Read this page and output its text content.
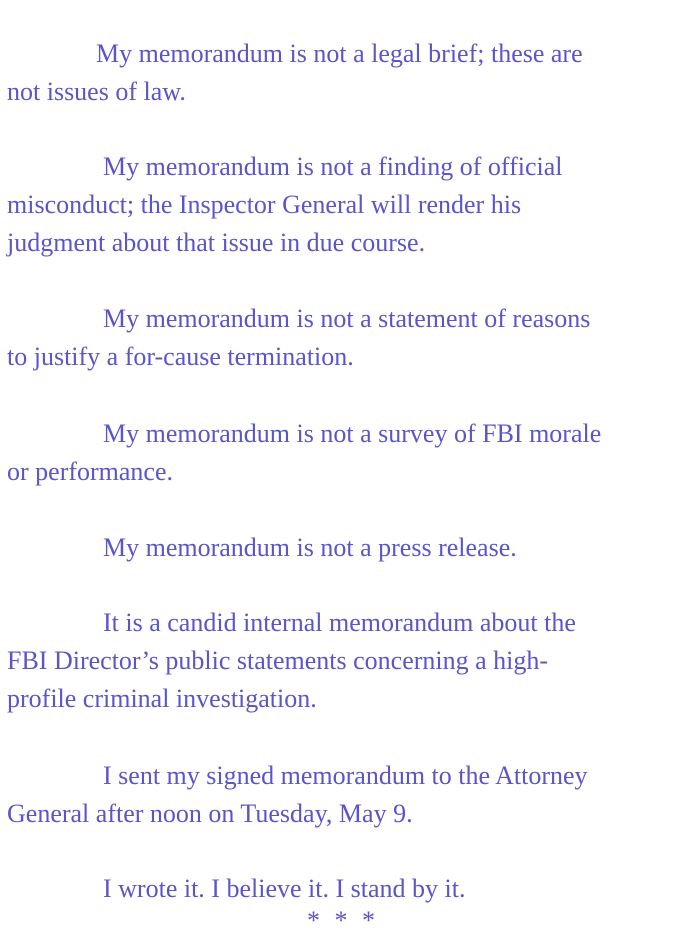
My memorandum is not a legal brief; these are

not issues of law.

My memorandum is not a finding of official

misconduct; the Inspector General will render his

judgment about that issue in due course.

My memorandum is not a statement of reasons

to justify a for-cause termination.

My memorandum is not a survey of FBI morale

or performance.

My memorandum is not a press release.

It is a candid internal memorandum about the

FBI Director’s public statements concerning a high-

profile criminal investigation.

I sent my signed memorandum to the Attorney

General after noon on Tuesday, May 9.

I wrote it. I believe it. I stand by it.

* * *
